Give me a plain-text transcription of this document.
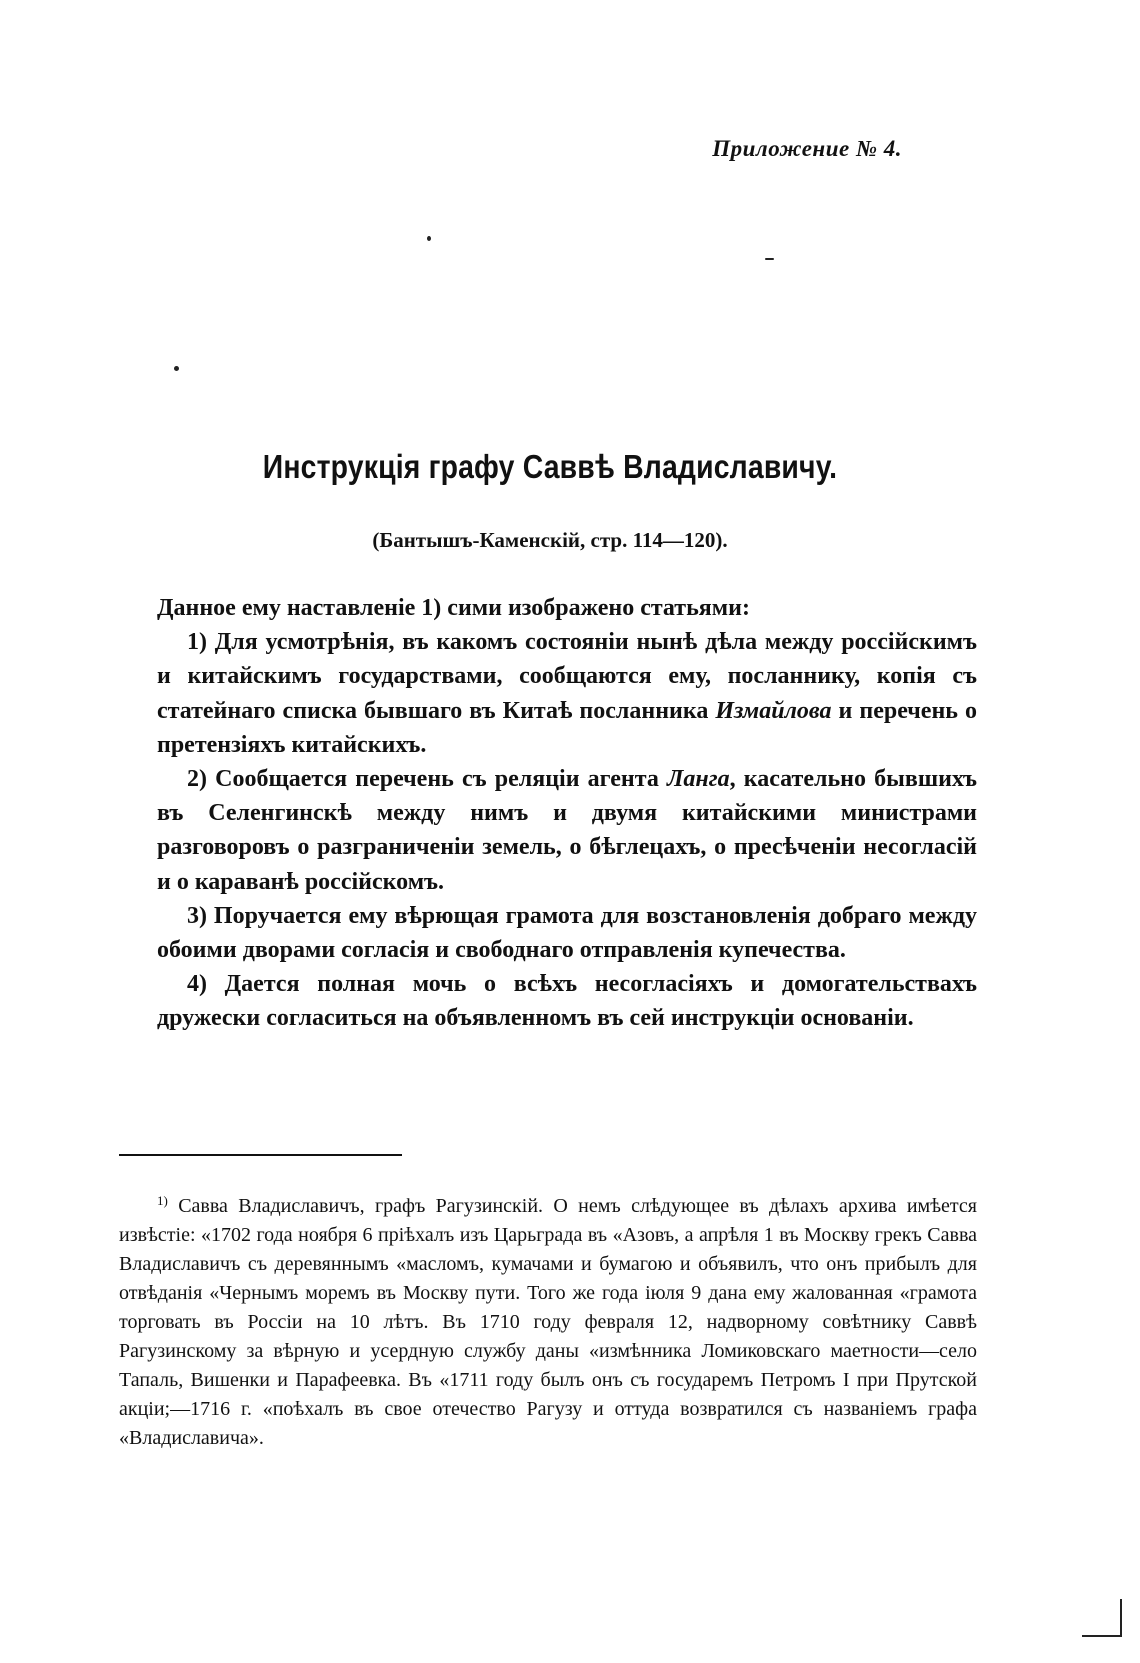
Приложение № 4.
Инструкція графу Саввѣ Владиславичу.
(Бантышъ-Каменскій, стр. 114—120).

Данное ему наставленіе 1) сими изображено статьями:

1) Для усмотрѣнія, въ какомъ состояніи нынѣ дѣла между россійскимъ и китайскимъ государствами, сообщаются ему, посланнику, копія съ статейнаго списка бывшаго въ Китаѣ посланника Измайлова и перечень о претензіяхъ китайскихъ.

2) Сообщается перечень съ реляціи агента Ланга, касательно бывшихъ въ Селенгинскѣ между нимъ и двумя китайскими министрами разговоровъ о разграниченіи земель, о бѣглецахъ, о пресѣченіи несогласій и о караванѣ россійскомъ.

3) Поручается ему вѣрющая грамота для возстановленія добраго между обоими дворами согласія и свободнаго отправленія купечества.

4) Дается полная мочь о всѣхъ несогласіяхъ и домогательствахъ дружески согласиться на объявленномъ въ сей инструкціи основаніи.

$^{1)}$ Савва Владиславичъ, графъ Рагузинскій. О немъ слѣдующее въ дѣлахъ архива имѣется извѣстіе: «1702 года ноября 6 пріѣхалъ изъ Царьграда въ «Азовъ, а апрѣля 1 въ Москву грекъ Савва Владиславичъ съ деревяннымъ «масломъ, кумачами и бумагою и объявилъ, что онъ прибылъ для отвѣданія «Чернымъ моремъ въ Москву пути. Того же года іюля 9 дана ему жалованная «грамота торговать въ Россіи на 10 лѣтъ. Въ 1710 году февраля 12, надворному совѣтнику Саввѣ Рагузинскому за вѣрную и усердную службу даны «измѣнника Ломиковскаго маетности—село Тапаль, Вишенки и Парафеевка. Въ «1711 году былъ онъ съ государемъ Петромъ I при Прутской акціи;—1716 г. «поѣхалъ въ свое отечество Рагузу и оттуда возвратился съ названіемъ графа «Владиславича».
